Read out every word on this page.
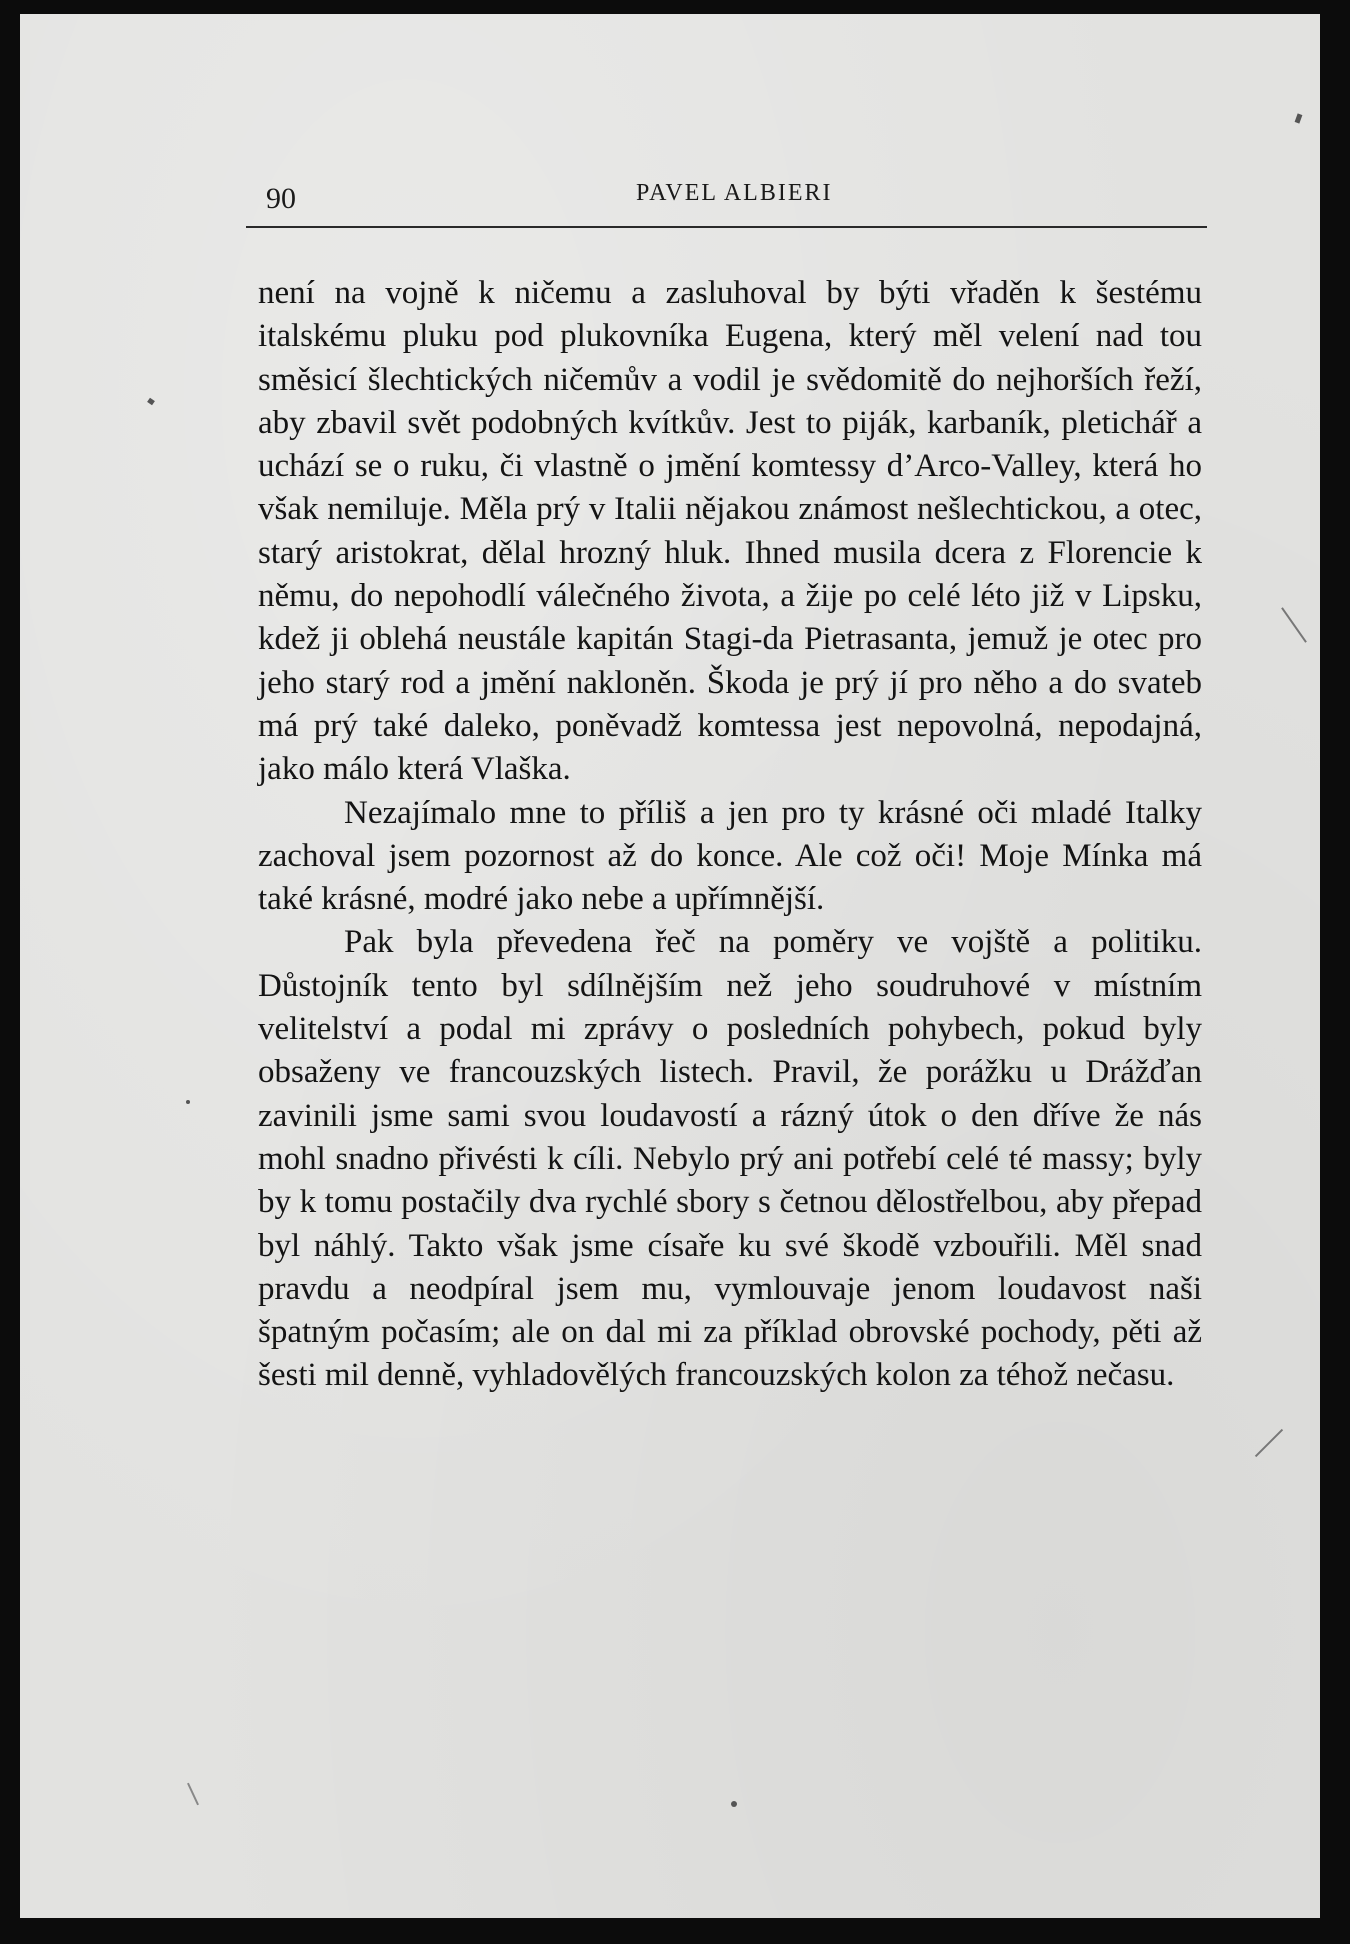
90	PAVEL ALBIERI

není na vojně k ničemu a zasluhoval by býti vřaděn k šestému italskému pluku pod plukovníka Eugena, který měl velení nad tou směsicí šlechtických ničemův a vodil je svědomitě do nejhorších řeží, aby zbavil svět podobných kvítkův. Jest to piják, karbaník, pletichář a uchází se o ruku, či vlastně o jmění komtessy d’Arco-Valley, která ho však nemiluje. Měla prý v Italii nějakou známost nešlechtickou, a otec, starý aristokrat, dělal hrozný hluk. Ihned musila dcera z Florencie k němu, do nepohodlí válečného života, a žije po celé léto již v Lipsku, kdež ji oblehá neustále kapitán Stagi-da Pietrasanta, jemuž je otec pro jeho starý rod a jmění nakloněn. Škoda je prý jí pro něho a do svateb má prý také daleko, poněvadž komtessa jest nepovolná, nepodajná, jako málo která Vlaška.

Nezajímalo mne to příliš a jen pro ty krásné oči mladé Italky zachoval jsem pozornost až do konce. Ale což oči! Moje Mínka má také krásné, modré jako nebe a upřímnější.

Pak byla převedena řeč na poměry ve vojště a politiku. Důstojník tento byl sdílnějším než jeho soudruhové v místním velitelství a podal mi zprávy o posledních pohybech, pokud byly obsaženy ve francouzských listech. Pravil, že porážku u Drážďan zavinili jsme sami svou loudavostí a rázný útok o den dříve že nás mohl snadno přivésti k cíli. Nebylo prý ani potřebí celé té massy; byly by k tomu postačily dva rychlé sbory s četnou dělostřelbou, aby přepad byl náhlý. Takto však jsme císaře ku své škodě vzbouřili. Měl snad pravdu a neodpíral jsem mu, vymlouvaje jenom loudavost naši špatným počasím; ale on dal mi za příklad obrovské pochody, pěti až šesti mil denně, vyhladovělých francouzských kolon za téhož nečasu.
